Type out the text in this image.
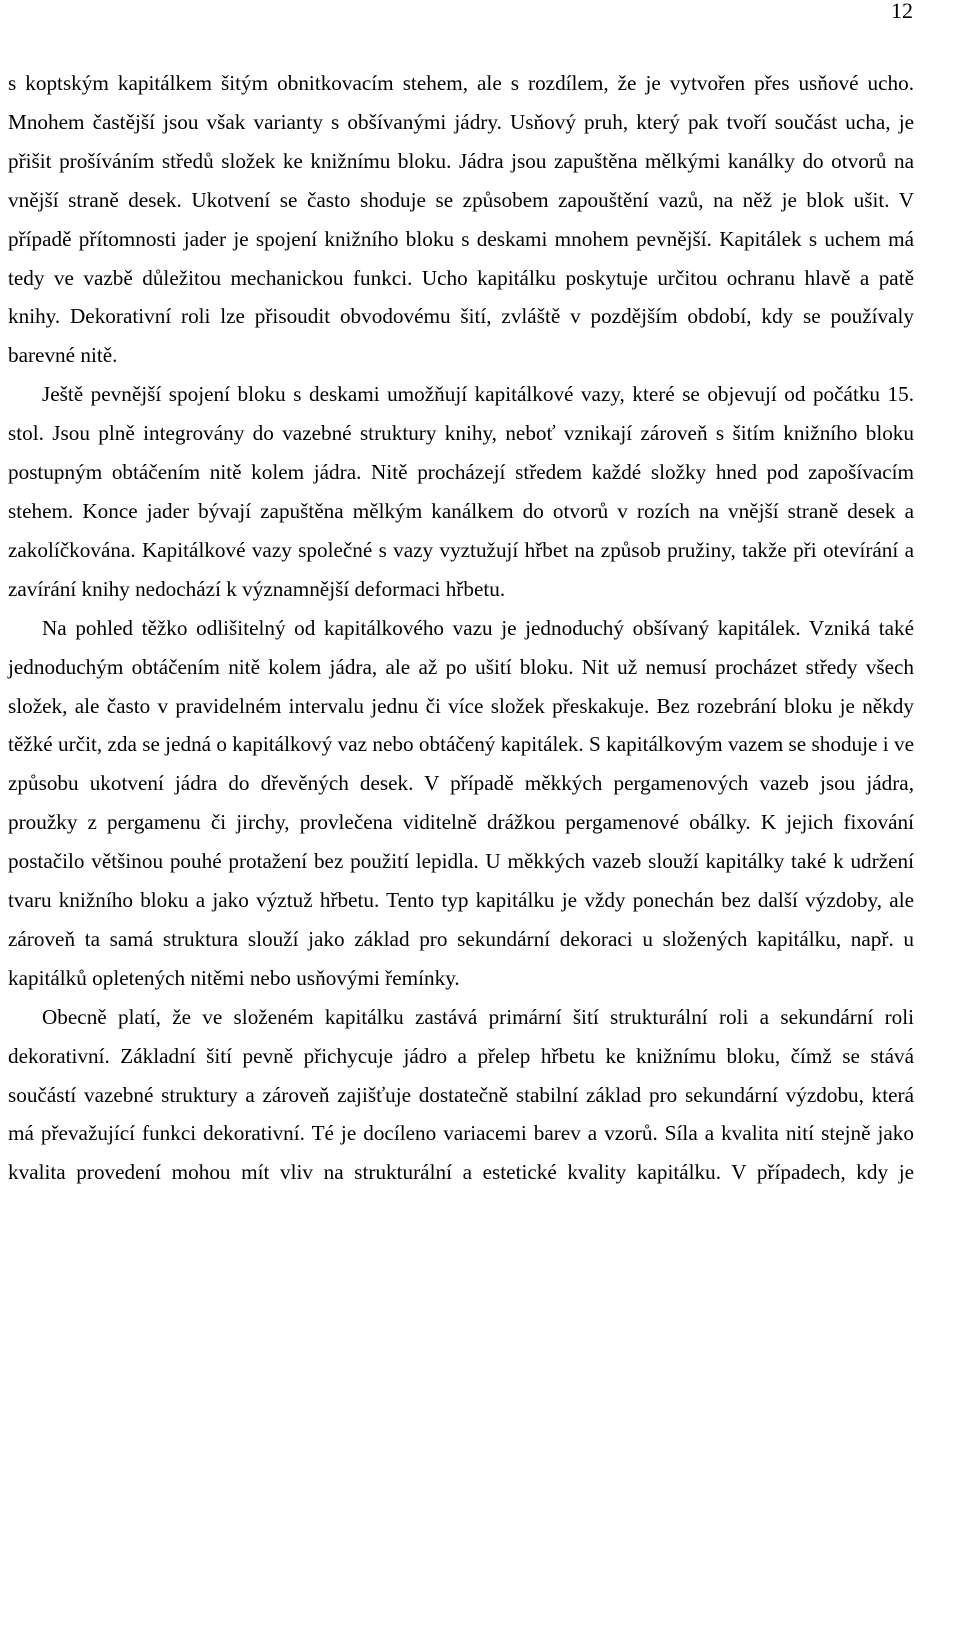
12

s koptským kapitálkem šitým obnitkovacím stehem, ale s rozdílem, že je vytvořen přes usňové ucho. Mnohem častější jsou však varianty s obšívanými jádry. Usňový pruh, který pak tvoří součást ucha, je přišit prošíváním středů složek ke knižnímu bloku. Jádra jsou zapuštěna mělkými kanálky do otvorů na vnější straně desek. Ukotvení se často shoduje se způsobem zapouštění vazů, na něž je blok ušit. V případě přítomnosti jader je spojení knižního bloku s deskami mnohem pevnější. Kapitálek s uchem má tedy ve vazbě důležitou mechanickou funkci. Ucho kapitálku poskytuje určitou ochranu hlavě a patě knihy. Dekorativní roli lze přisoudit obvodovému šití, zvláště v pozdějším období, kdy se používaly barevné nitě.

Ještě pevnější spojení bloku s deskami umožňují kapitálkové vazy, které se objevují od počátku 15. stol. Jsou plně integrovány do vazebné struktury knihy, neboť vznikají zároveň s šitím knižního bloku postupným obtáčením nitě kolem jádra. Nitě procházejí středem každé složky hned pod zapošívacím stehem. Konce jader bývají zapuštěna mělkým kanálkem do otvorů v rozích na vnější straně desek a zakolíčkována. Kapitálkové vazy společné s vazy vyztužují hřbet na způsob pružiny, takže při otevírání a zavírání knihy nedochází k významnější deformaci hřbetu.

Na pohled těžko odlišitelný od kapitálkového vazu je jednoduchý obšívaný kapitálek. Vzniká také jednoduchým obtáčením nitě kolem jádra, ale až po ušití bloku. Nit už nemusí procházet středy všech složek, ale často v pravidelném intervalu jednu či více složek přeskakuje. Bez rozebrání bloku je někdy těžké určit, zda se jedná o kapitálkový vaz nebo obtáčený kapitálek. S kapitálkovým vazem se shoduje i ve způsobu ukotvení jádra do dřevěných desek. V případě měkkých pergamenových vazeb jsou jádra, proužky z pergamenu či jirchy, provlečena viditelně drážkou pergamenové obálky. K jejich fixování postačilo většinou pouhé protažení bez použití lepidla. U měkkých vazeb slouží kapitálky také k udržení tvaru knižního bloku a jako výztuž hřbetu. Tento typ kapitálku je vždy ponechán bez další výzdoby, ale zároveň ta samá struktura slouží jako základ pro sekundární dekoraci u složených kapitálku, např. u kapitálků opletených nitěmi nebo usňovými řemínky.

Obecně platí, že ve složeném kapitálku zastává primární šití strukturální roli a sekundární roli dekorativní. Základní šití pevně přichycuje jádro a přelep hřbetu ke knižnímu bloku, čímž se stává součástí vazebné struktury a zároveň zajišťuje dostatečně stabilní základ pro sekundární výzdobu, která má převažující funkci dekorativní. Té je docíleno variacemi barev a vzorů. Síla a kvalita nití stejně jako kvalita provedení mohou mít vliv na strukturální a estetické kvality kapitálku. V případech, kdy je
